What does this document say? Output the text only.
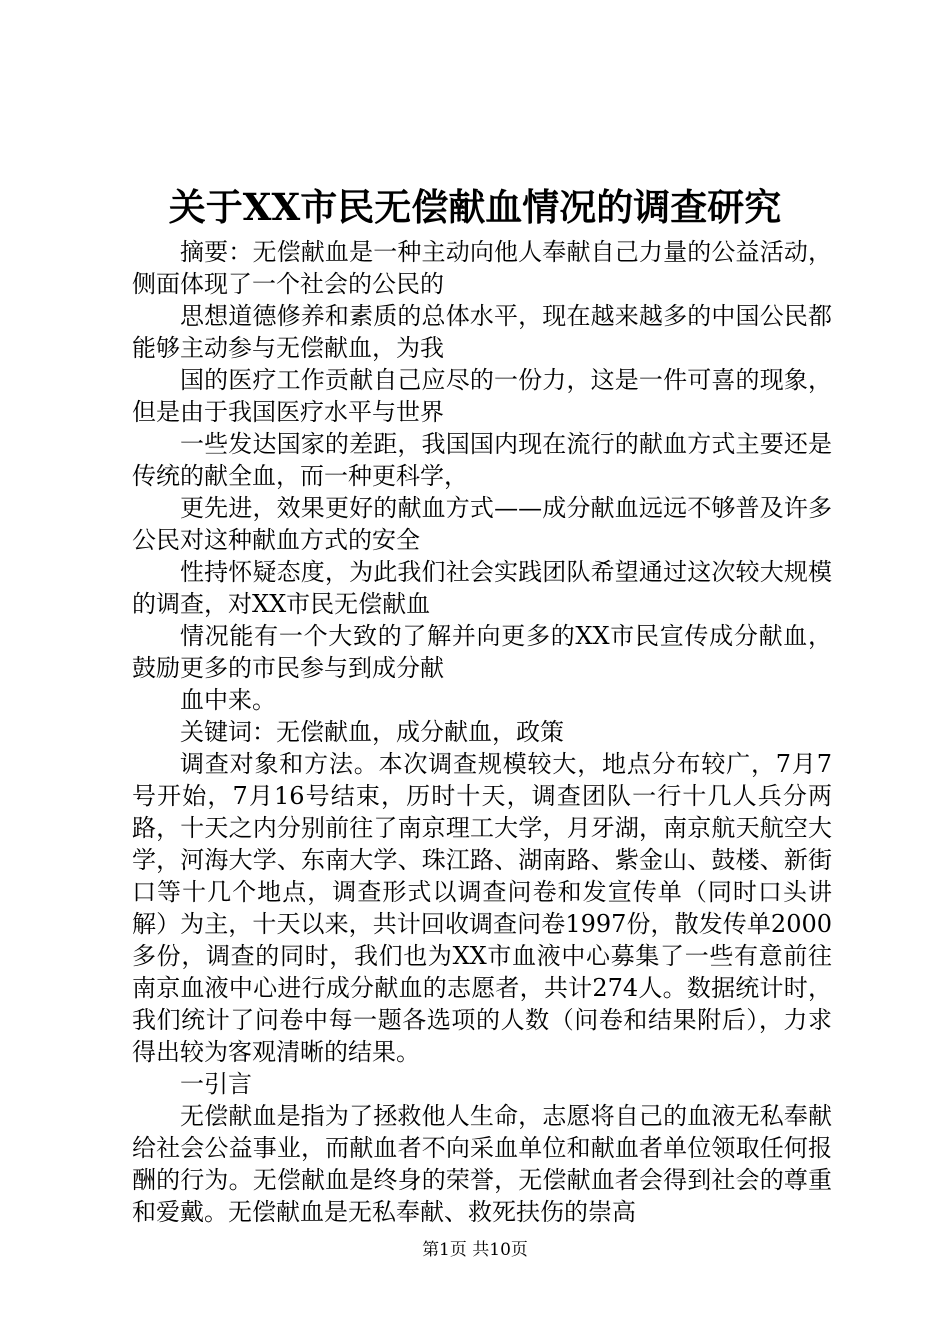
关于XX市民无偿献血情况的调查研究

摘要：无偿献血是一种主动向他人奉献自己力量的公益活动，侧面体现了一个社会的公民的

思想道德修养和素质的总体水平，现在越来越多的中国公民都能够主动参与无偿献血，为我

国的医疗工作贡献自己应尽的一份力，这是一件可喜的现象，但是由于我国医疗水平与世界

一些发达国家的差距，我国国内现在流行的献血方式主要还是传统的献全血，而一种更科学，

更先进，效果更好的献血方式——成分献血远远不够普及许多公民对这种献血方式的安全

性持怀疑态度，为此我们社会实践团队希望通过这次较大规模的调查，对XX市民无偿献血

情况能有一个大致的了解并向更多的XX市民宣传成分献血，鼓励更多的市民参与到成分献

血中来。

关键词：无偿献血，成分献血，政策

调查对象和方法。本次调查规模较大，地点分布较广，7月7号开始，7月16号结束，历时十天，调查团队一行十几人兵分两路，十天之内分别前往了南京理工大学，月牙湖，南京航天航空大学，河海大学、东南大学、珠江路、湖南路、紫金山、鼓楼、新街口等十几个地点，调查形式以调查问卷和发宣传单（同时口头讲解）为主，十天以来，共计回收调查问卷1997份，散发传单2000多份，调查的同时，我们也为XX市血液中心募集了一些有意前往南京血液中心进行成分献血的志愿者，共计274人。数据统计时，我们统计了问卷中每一题各选项的人数（问卷和结果附后），力求得出较为客观清晰的结果。

一引言

无偿献血是指为了拯救他人生命，志愿将自己的血液无私奉献给社会公益事业，而献血者不向采血单位和献血者单位领取任何报酬的行为。无偿献血是终身的荣誉，无偿献血者会得到社会的尊重和爱戴。无偿献血是无私奉献、救死扶伤的崇高

第1页 共10页
